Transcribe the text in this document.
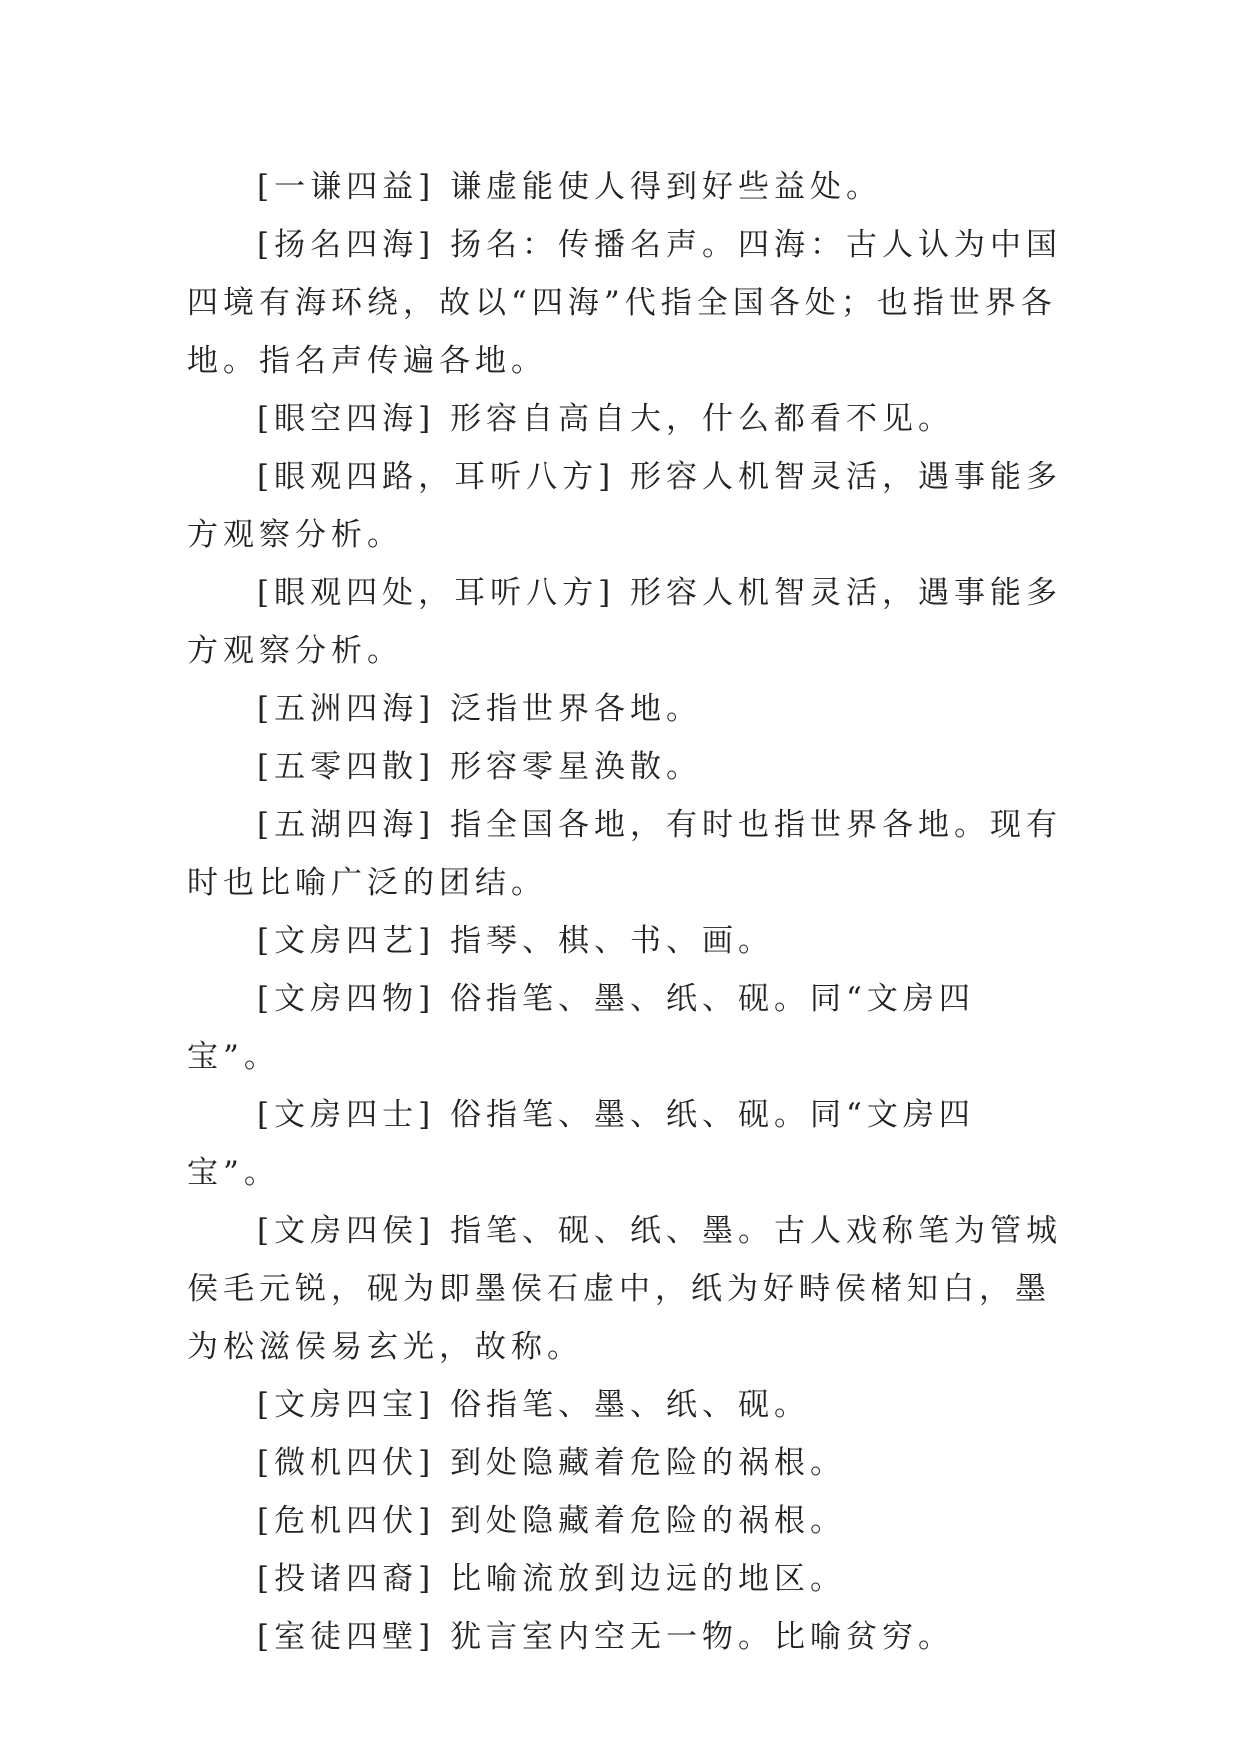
[一谦四益] 谦虚能使人得到好些益处。

[扬名四海] 扬名：传播名声。四海：古人认为中国四境有海环绕，故以“四海”代指全国各处；也指世界各地。指名声传遍各地。

[眼空四海] 形容自高自大，什么都看不见。

[眼观四路，耳听八方] 形容人机智灵活，遇事能多方观察分析。

[眼观四处，耳听八方] 形容人机智灵活，遇事能多方观察分析。

[五洲四海] 泛指世界各地。

[五零四散] 形容零星涣散。

[五湖四海] 指全国各地，有时也指世界各地。现有时也比喻广泛的团结。

[文房四艺] 指琴、棋、书、画。

[文房四物] 俗指笔、墨、纸、砚。同“文房四宝”。

[文房四士] 俗指笔、墨、纸、砚。同“文房四宝”。

[文房四侯] 指笔、砚、纸、墨。古人戏称笔为管城侯毛元锐，砚为即墨侯石虚中，纸为好畤侯楮知白，墨为松滋侯易玄光，故称。

[文房四宝] 俗指笔、墨、纸、砚。

[微机四伏] 到处隐藏着危险的祸根。

[危机四伏] 到处隐藏着危险的祸根。

[投诸四裔] 比喻流放到边远的地区。

[室徒四壁] 犹言室内空无一物。比喻贫穷。
